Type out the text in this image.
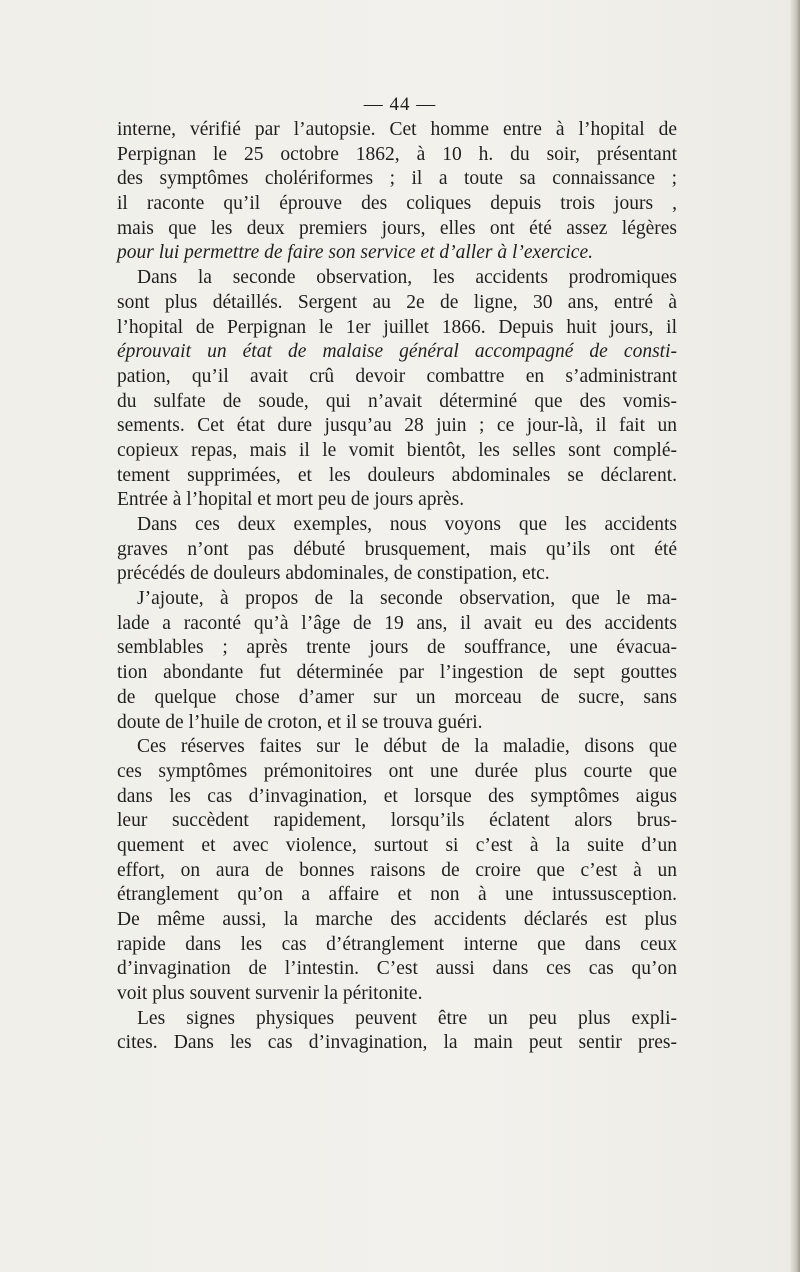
— 44 —
interne, vérifié par l’autopsie. Cet homme entre à l’hopital de
Perpignan le 25 octobre 1862, à 10 h. du soir, présentant
des symptômes cholériformes ; il a toute sa connaissance ;
il raconte qu’il éprouve des coliques depuis trois jours ,
mais que les deux premiers jours, elles ont été assez légères
pour lui permettre de faire son service et d’aller à l’exercice.
Dans la seconde observation, les accidents prodromiques
sont plus détaillés. Sergent au 2e de ligne, 30 ans, entré à
l’hopital de Perpignan le 1er juillet 1866. Depuis huit jours, il
éprouvait un état de malaise général accompagné de consti-
pation, qu’il avait crû devoir combattre en s’administrant
du sulfate de soude, qui n’avait déterminé que des vomis-
sements. Cet état dure jusqu’au 28 juin ; ce jour-là, il fait un
copieux repas, mais il le vomit bientôt, les selles sont complé-
tement supprimées, et les douleurs abdominales se déclarent.
Entrée à l’hopital et mort peu de jours après.
Dans ces deux exemples, nous voyons que les accidents
graves n’ont pas débuté brusquement, mais qu’ils ont été
précédés de douleurs abdominales, de constipation, etc.
J’ajoute, à propos de la seconde observation, que le ma-
lade a raconté qu’à l’âge de 19 ans, il avait eu des accidents
semblables ; après trente jours de souffrance, une évacua-
tion abondante fut déterminée par l’ingestion de sept gouttes
de quelque chose d’amer sur un morceau de sucre, sans
doute de l’huile de croton, et il se trouva guéri.
Ces réserves faites sur le début de la maladie, disons que
ces symptômes prémonitoires ont une durée plus courte que
dans les cas d’invagination, et lorsque des symptômes aigus
leur succèdent rapidement, lorsqu’ils éclatent alors brus-
quement et avec violence, surtout si c’est à la suite d’un
effort, on aura de bonnes raisons de croire que c’est à un
étranglement qu’on a affaire et non à une intussusception.
De même aussi, la marche des accidents déclarés est plus
rapide dans les cas d’étranglement interne que dans ceux
d’invagination de l’intestin. C’est aussi dans ces cas qu’on
voit plus souvent survenir la péritonite.
Les signes physiques peuvent être un peu plus expli-
cites. Dans les cas d’invagination, la main peut sentir pres-
